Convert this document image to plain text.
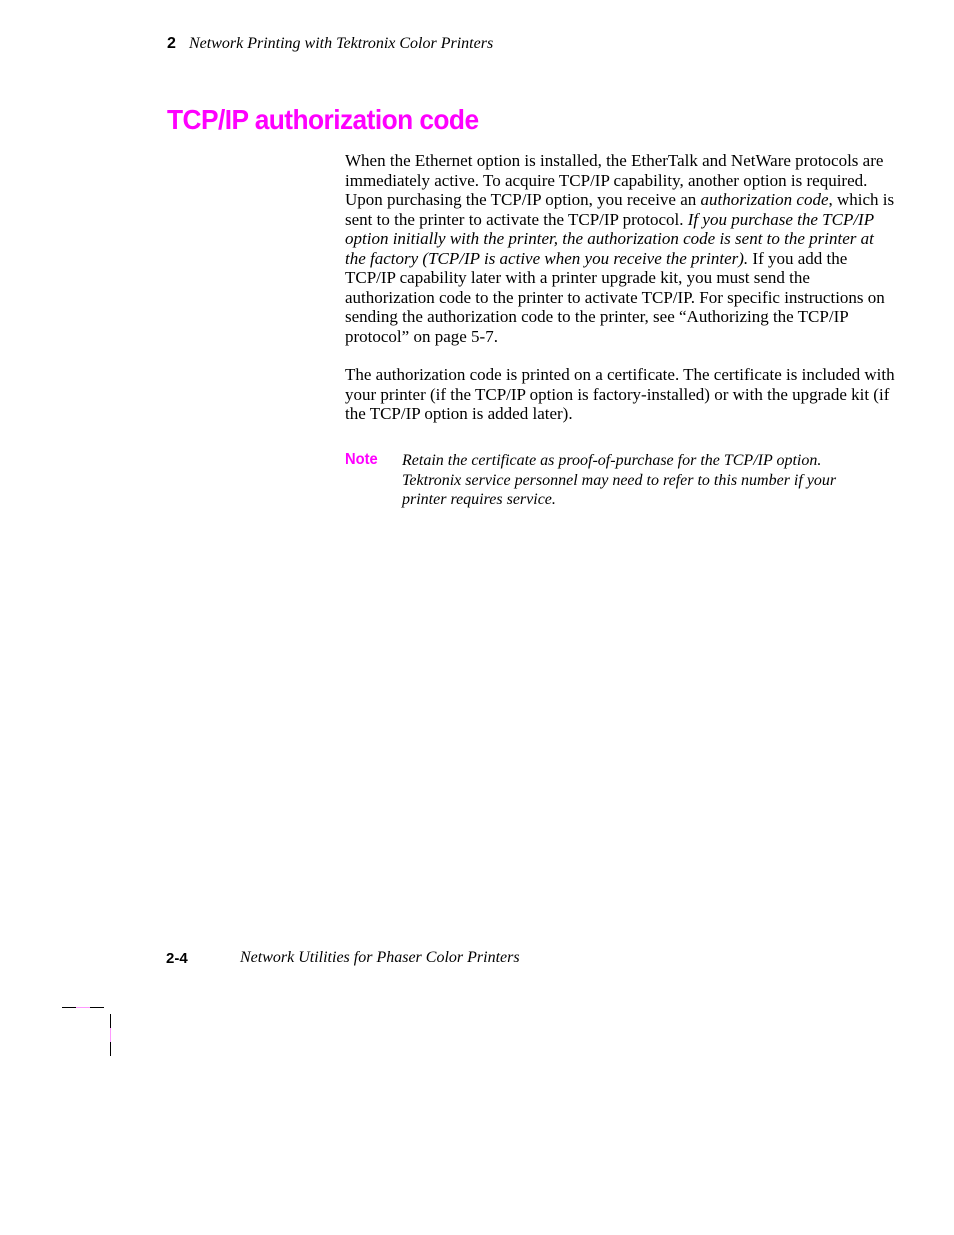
2 Network Printing with Tektronix Color Printers
TCP/IP authorization code

When the Ethernet option is installed, the EtherTalk and NetWare protocols are immediately active. To acquire TCP/IP capability, another option is required. Upon purchasing the TCP/IP option, you receive an authorization code, which is sent to the printer to activate the TCP/IP protocol. If you purchase the TCP/IP option initially with the printer, the authorization code is sent to the printer at the factory (TCP/IP is active when you receive the printer). If you add the TCP/IP capability later with a printer upgrade kit, you must send the authorization code to the printer to activate TCP/IP. For specific instructions on sending the authorization code to the printer, see “Authorizing the TCP/IP protocol” on page 5-7.

The authorization code is printed on a certificate. The certificate is included with your printer (if the TCP/IP option is factory-installed) or with the upgrade kit (if the TCP/IP option is added later).

Note Retain the certificate as proof-of-purchase for the TCP/IP option. Tektronix service personnel may need to refer to this number if your printer requires service.

2-4	Network Utilities for Phaser Color Printers
